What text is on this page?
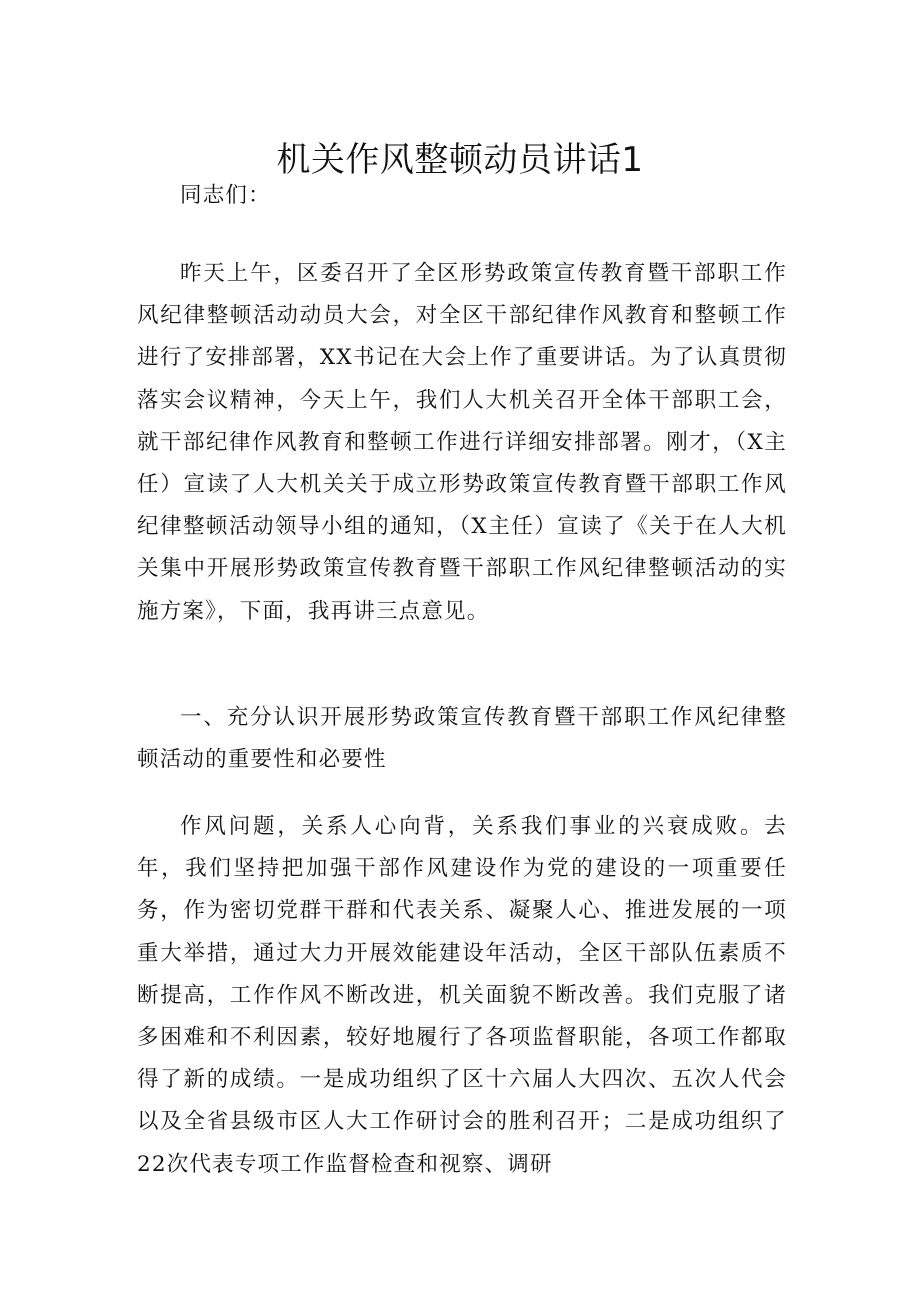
机关作风整顿动员讲话1

同志们：

昨天上午，区委召开了全区形势政策宣传教育暨干部职工作风纪律整顿活动动员大会，对全区干部纪律作风教育和整顿工作进行了安排部署，XX书记在大会上作了重要讲话。为了认真贯彻落实会议精神，今天上午，我们人大机关召开全体干部职工会，就干部纪律作风教育和整顿工作进行详细安排部署。刚才，（X主任）宣读了人大机关关于成立形势政策宣传教育暨干部职工作风纪律整顿活动领导小组的通知，（X主任）宣读了《关于在人大机关集中开展形势政策宣传教育暨干部职工作风纪律整顿活动的实施方案》，下面，我再讲三点意见。

一、充分认识开展形势政策宣传教育暨干部职工作风纪律整顿活动的重要性和必要性

作风问题，关系人心向背，关系我们事业的兴衰成败。去年，我们坚持把加强干部作风建设作为党的建设的一项重要任务，作为密切党群干群和代表关系、凝聚人心、推进发展的一项重大举措，通过大力开展效能建设年活动，全区干部队伍素质不断提高，工作作风不断改进，机关面貌不断改善。我们克服了诸多困难和不利因素，较好地履行了各项监督职能，各项工作都取得了新的成绩。一是成功组织了区十六届人大四次、五次人代会以及全省县级市区人大工作研讨会的胜利召开；二是成功组织了22次代表专项工作监督检查和视察、调研
